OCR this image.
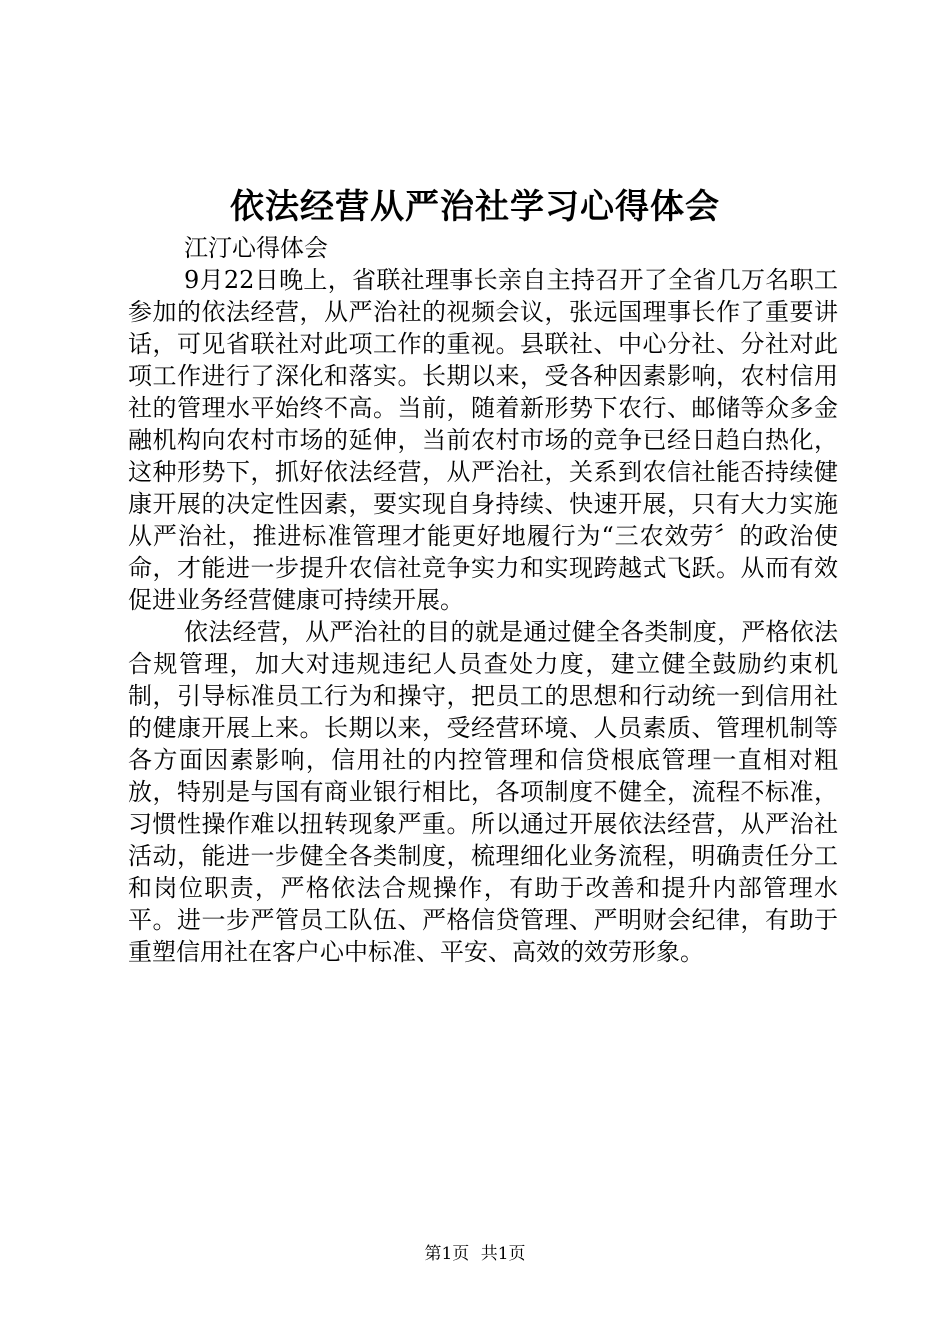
依法经营从严治社学习心得体会

江汀心得体会

9月22日晚上，省联社理事长亲自主持召开了全省几万名职工参加的依法经营，从严治社的视频会议，张远国理事长作了重要讲话，可见省联社对此项工作的重视。县联社、中心分社、分社对此项工作进行了深化和落实。长期以来，受各种因素影响，农村信用社的管理水平始终不高。当前，随着新形势下农行、邮储等众多金融机构向农村市场的延伸，当前农村市场的竞争已经日趋白热化，这种形势下，抓好依法经营，从严治社，关系到农信社能否持续健康开展的决定性因素，要实现自身持续、快速开展，只有大力实施从严治社，推进标准管理才能更好地履行为“三农效劳〞的政治使命，才能进一步提升农信社竞争实力和实现跨越式飞跃。从而有效促进业务经营健康可持续开展。

依法经营，从严治社的目的就是通过健全各类制度，严格依法合规管理，加大对违规违纪人员查处力度，建立健全鼓励约束机制，引导标准员工行为和操守，把员工的思想和行动统一到信用社的健康开展上来。长期以来，受经营环境、人员素质、管理机制等各方面因素影响，信用社的内控管理和信贷根底管理一直相对粗放，特别是与国有商业银行相比，各项制度不健全，流程不标准，习惯性操作难以扭转现象严重。所以通过开展依法经营，从严治社活动，能进一步健全各类制度，梳理细化业务流程，明确责任分工和岗位职责，严格依法合规操作，有助于改善和提升内部管理水平。进一步严管员工队伍、严格信贷管理、严明财会纪律，有助于重塑信用社在客户心中标准、平安、高效的效劳形象。

第1页 共1页
